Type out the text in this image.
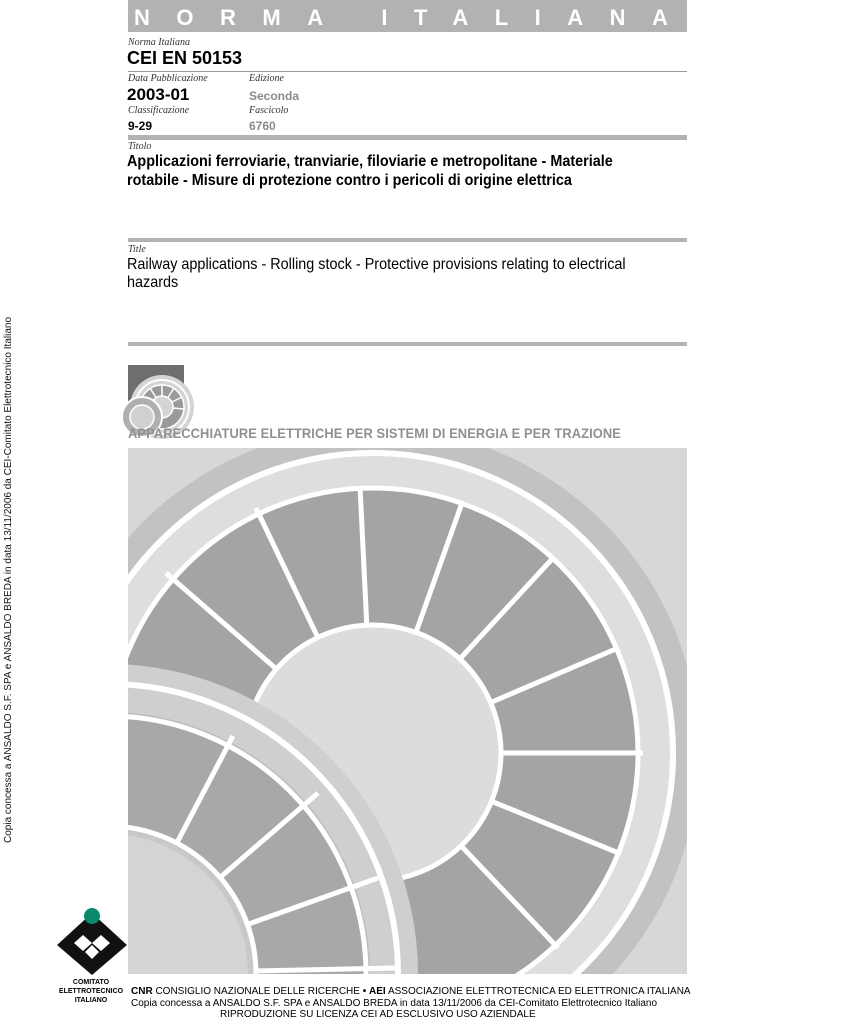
NORMA ITALIANA CEI
Norma Italiana
CEI EN 50153
Data Pubblicazione	Edizione
2003-01	Seconda
Classificazione	Fascicolo
9-29	6760
Titolo
Applicazioni ferroviarie, tranviarie, filoviarie e metropolitane - Materiale rotabile - Misure di protezione contro i pericoli di origine elettrica
Title
Railway applications - Rolling stock - Protective provisions relating to electrical hazards
APPARECCHIATURE ELETTRICHE PER SISTEMI DI ENERGIA E PER TRAZIONE
Copia concessa a ANSALDO S.F. SPA e ANSALDO BREDA in data 13/11/2006 da CEI-Comitato Elettrotecnico Italiano
COMITATO
ELETTROTECNICO
ITALIANO
CNR CONSIGLIO NAZIONALE DELLE RICERCHE • AEI ASSOCIAZIONE ELETTROTECNICA ED ELETTRONICA ITALIANA
Copia concessa a ANSALDO S.F. SPA e ANSALDO BREDA in data 13/11/2006 da CEI-Comitato Elettrotecnico Italiano
RIPRODUZIONE SU LICENZA CEI AD ESCLUSIVO USO AZIENDALE
